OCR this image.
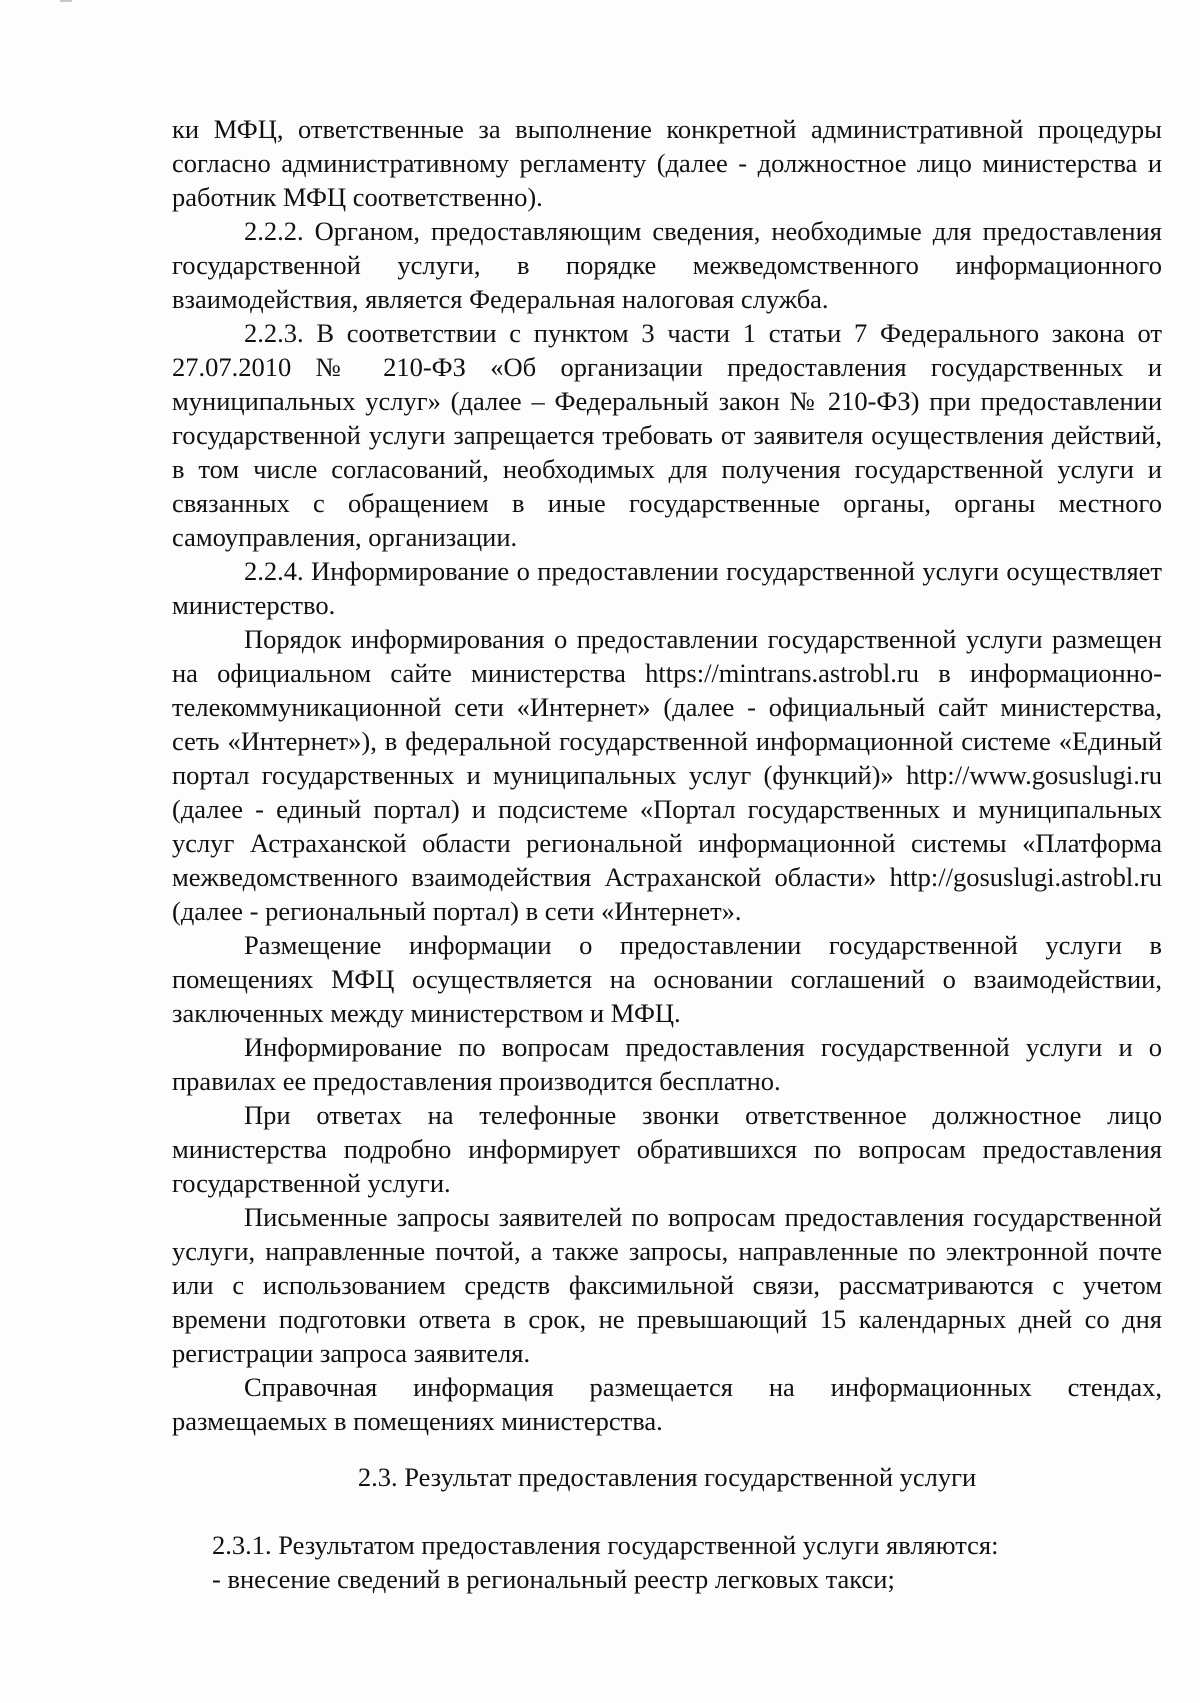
ки МФЦ, ответственные за выполнение конкретной административной процедуры согласно административному регламенту (далее - должностное лицо министерства и работник МФЦ соответственно).

2.2.2. Органом, предоставляющим сведения, необходимые для предоставления государственной услуги, в порядке межведомственного информационного взаимодействия, является Федеральная налоговая служба.

2.2.3. В соответствии с пунктом 3 части 1 статьи 7 Федерального закона от 27.07.2010 № 210-ФЗ «Об организации предоставления государственных и муниципальных услуг» (далее – Федеральный закон № 210-ФЗ) при предоставлении государственной услуги запрещается требовать от заявителя осуществления действий, в том числе согласований, необходимых для получения государственной услуги и связанных с обращением в иные государственные органы, органы местного самоуправления, организации.

2.2.4. Информирование о предоставлении государственной услуги осуществляет министерство.

Порядок информирования о предоставлении государственной услуги размещен на официальном сайте министерства https://mintrans.astrobl.ru в информационно-телекоммуникационной сети «Интернет» (далее - официальный сайт министерства, сеть «Интернет»), в федеральной государственной информационной системе «Единый портал государственных и муниципальных услуг (функций)» http://www.gosuslugi.ru (далее - единый портал) и подсистеме «Портал государственных и муниципальных услуг Астраханской области региональной информационной системы «Платформа межведомственного взаимодействия Астраханской области» http://gosuslugi.astrobl.ru (далее - региональный портал) в сети «Интернет».

Размещение информации о предоставлении государственной услуги в помещениях МФЦ осуществляется на основании соглашений о взаимодействии, заключенных между министерством и МФЦ.

Информирование по вопросам предоставления государственной услуги и о правилах ее предоставления производится бесплатно.

При ответах на телефонные звонки ответственное должностное лицо министерства подробно информирует обратившихся по вопросам предоставления государственной услуги.

Письменные запросы заявителей по вопросам предоставления государственной услуги, направленные почтой, а также запросы, направленные по электронной почте или с использованием средств факсимильной связи, рассматриваются с учетом времени подготовки ответа в срок, не превышающий 15 календарных дней со дня регистрации запроса заявителя.

Справочная информация размещается на информационных стендах, размещаемых в помещениях министерства.

2.3. Результат предоставления государственной услуги

2.3.1. Результатом предоставления государственной услуги являются:

- внесение сведений в региональный реестр легковых такси;
